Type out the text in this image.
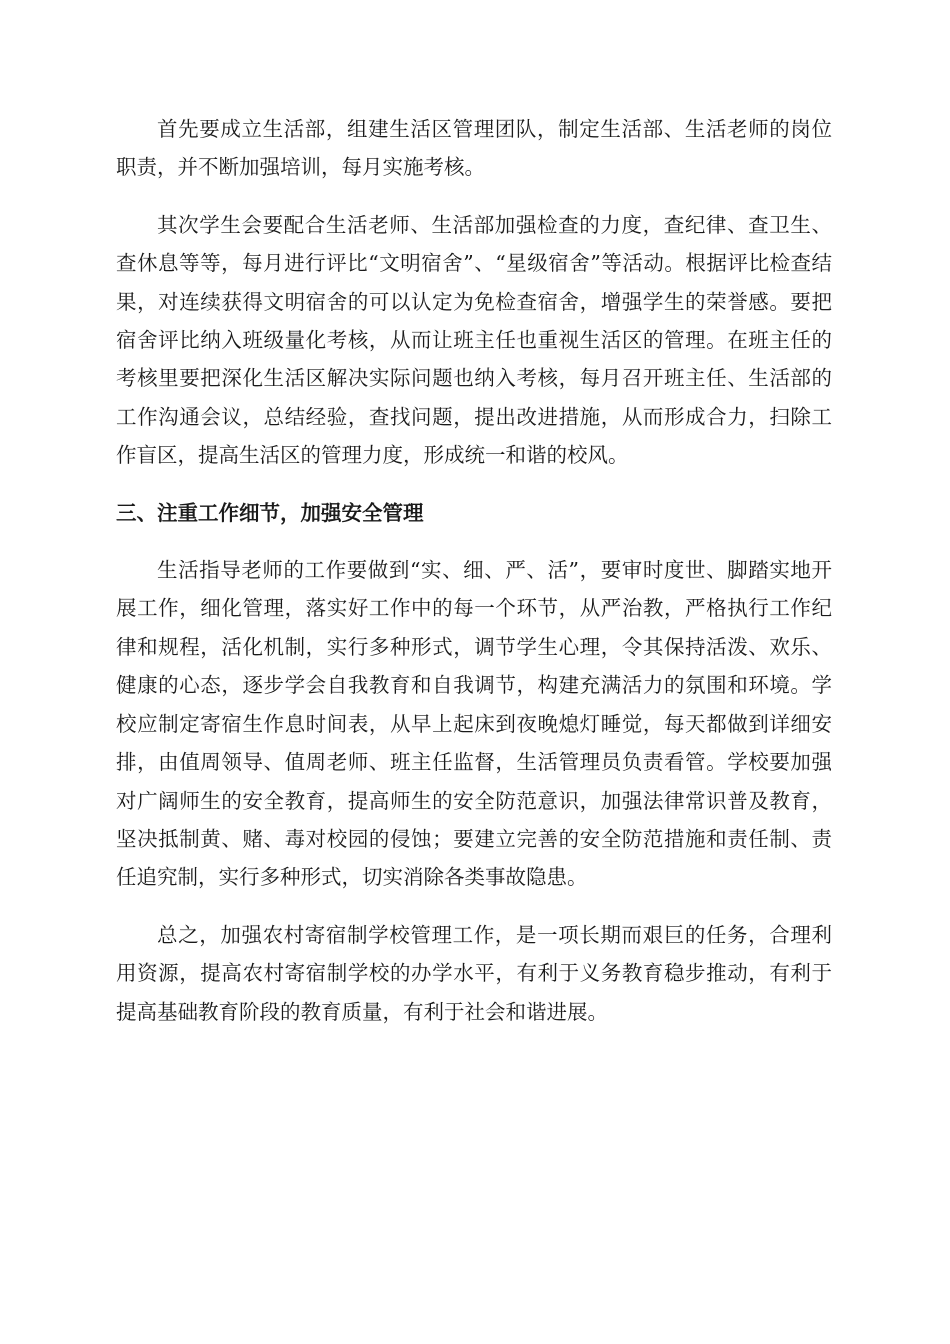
首先要成立生活部，组建生活区管理团队，制定生活部、生活老师的岗位职责，并不断加强培训，每月实施考核。

其次学生会要配合生活老师、生活部加强检查的力度，查纪律、查卫生、查休息等等，每月进行评比“文明宿舍”、“星级宿舍”等活动。根据评比检查结果，对连续获得文明宿舍的可以认定为免检查宿舍，增强学生的荣誉感。要把宿舍评比纳入班级量化考核，从而让班主任也重视生活区的管理。在班主任的考核里要把深化生活区解决实际问题也纳入考核，每月召开班主任、生活部的工作沟通会议，总结经验，查找问题，提出改进措施，从而形成合力，扫除工作盲区，提高生活区的管理力度，形成统一和谐的校风。

三、注重工作细节，加强安全管理

生活指导老师的工作要做到“实、细、严、活”，要审时度世、脚踏实地开展工作，细化管理，落实好工作中的每一个环节，从严治教，严格执行工作纪律和规程，活化机制，实行多种形式，调节学生心理，令其保持活泼、欢乐、健康的心态，逐步学会自我教育和自我调节，构建充满活力的氛围和环境。学校应制定寄宿生作息时间表，从早上起床到夜晚熄灯睡觉，每天都做到详细安排，由值周领导、值周老师、班主任监督，生活管理员负责看管。学校要加强对广阔师生的安全教育，提高师生的安全防范意识，加强法律常识普及教育，坚决抵制黄、赌、毒对校园的侵蚀；要建立完善的安全防范措施和责任制、责任追究制，实行多种形式，切实消除各类事故隐患。

总之，加强农村寄宿制学校管理工作，是一项长期而艰巨的任务，合理利用资源，提高农村寄宿制学校的办学水平，有利于义务教育稳步推动，有利于提高基础教育阶段的教育质量，有利于社会和谐进展。
